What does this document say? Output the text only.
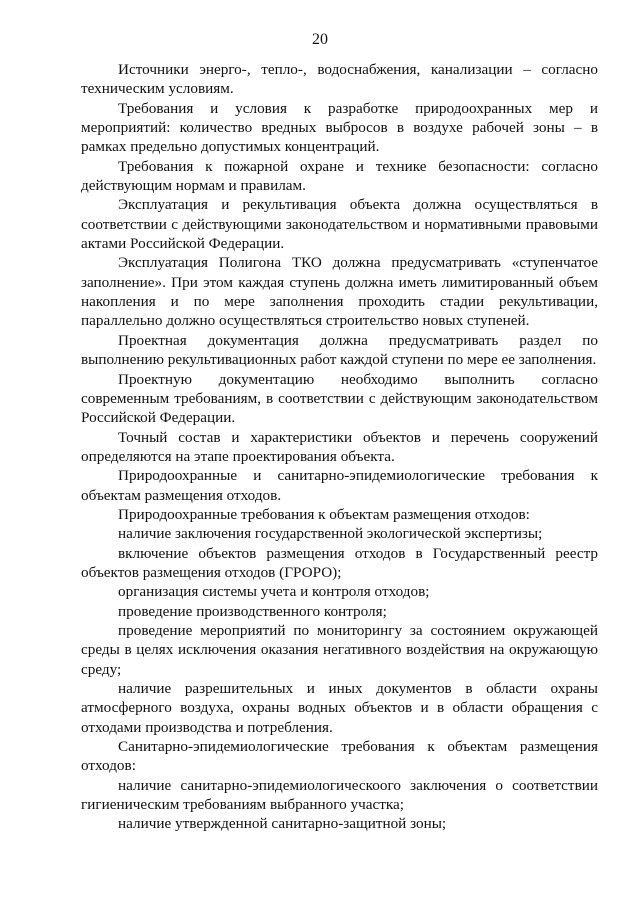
20

Источники энерго-, тепло-, водоснабжения, канализации – согласно техническим условиям.

Требования и условия к разработке природоохранных мер и мероприятий: количество вредных выбросов в воздухе рабочей зоны – в рамках предельно допустимых концентраций.

Требования к пожарной охране и технике безопасности: согласно действующим нормам и правилам.

Эксплуатация и рекультивация объекта должна осуществляться в соответствии с действующими законодательством и нормативными правовыми актами Российской Федерации.

Эксплуатация Полигона ТКО должна предусматривать «ступенчатое заполнение». При этом каждая ступень должна иметь лимитированный объем накопления и по мере заполнения проходить стадии рекультивации, параллельно должно осуществляться строительство новых ступеней.

Проектная документация должна предусматривать раздел по выполнению рекультивационных работ каждой ступени по мере ее заполнения.

Проектную документацию необходимо выполнить согласно современным требованиям, в соответствии с действующим законодательством Российской Федерации.

Точный состав и характеристики объектов и перечень сооружений определяются на этапе проектирования объекта.

Природоохранные и санитарно-эпидемиологические требования к объектам размещения отходов.

Природоохранные требования к объектам размещения отходов:

наличие заключения государственной экологической экспертизы;

включение объектов размещения отходов в Государственный реестр объектов размещения отходов (ГРОРО);

организация системы учета и контроля отходов;

проведение производственного контроля;

проведение мероприятий по мониторингу за состоянием окружающей среды в целях исключения оказания негативного воздействия на окружающую среду;

наличие разрешительных и иных документов в области охраны атмосферного воздуха, охраны водных объектов и в области обращения с отходами производства и потребления.

Санитарно-эпидемиологические требования к объектам размещения отходов:

наличие санитарно-эпидемиологическоого заключения о соответствии гигиеническим требованиям выбранного участка;

наличие утвержденной санитарно-защитной зоны;
